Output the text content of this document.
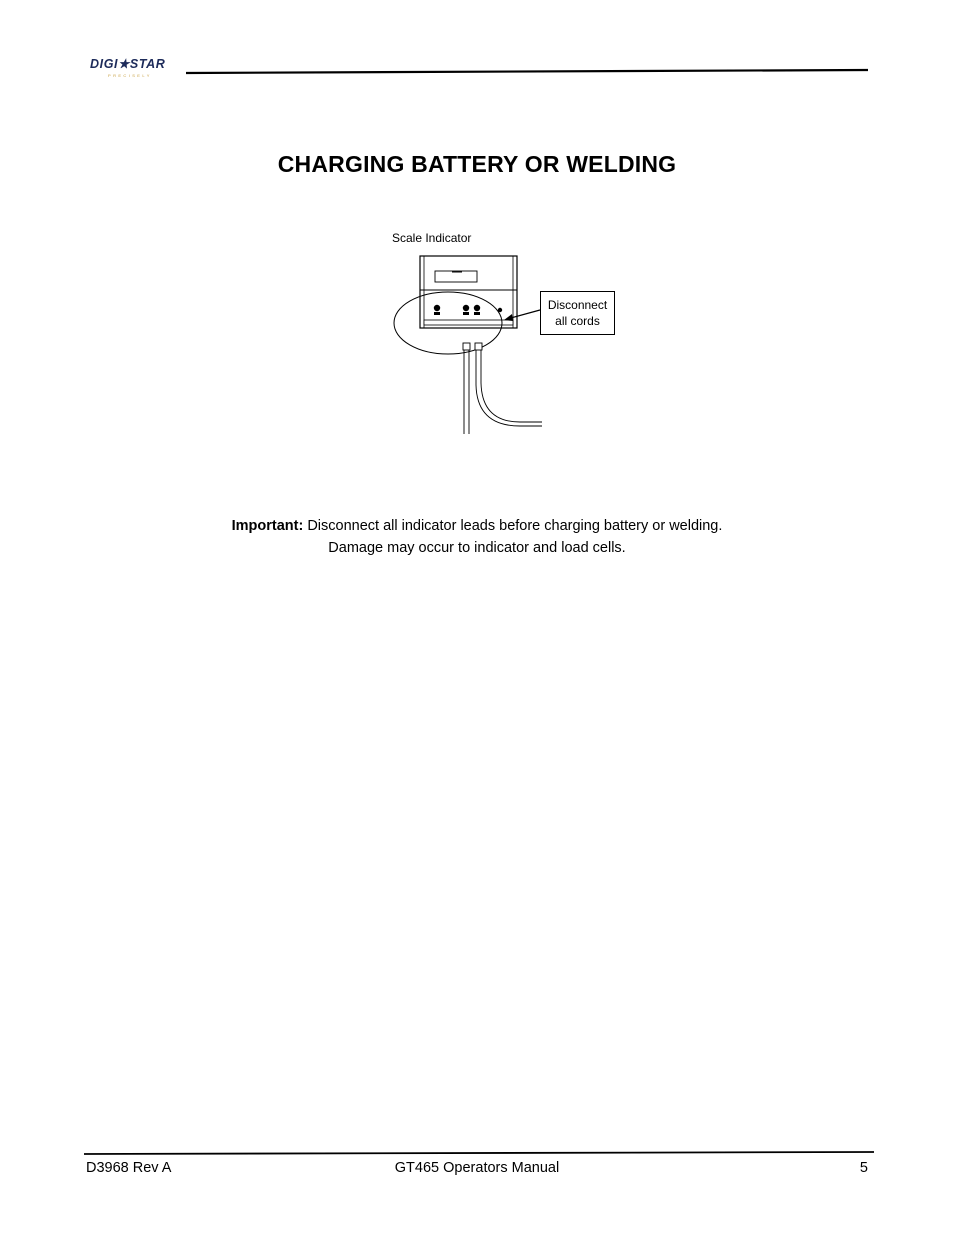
DIGI★STAR
PRECISELY
CHARGING BATTERY OR WELDING
Scale Indicator
Disconnect
all cords
Important: Disconnect all indicator leads before charging battery or welding.
Damage may occur to indicator and load cells.
D3968 Rev A	GT465 Operators Manual	5
